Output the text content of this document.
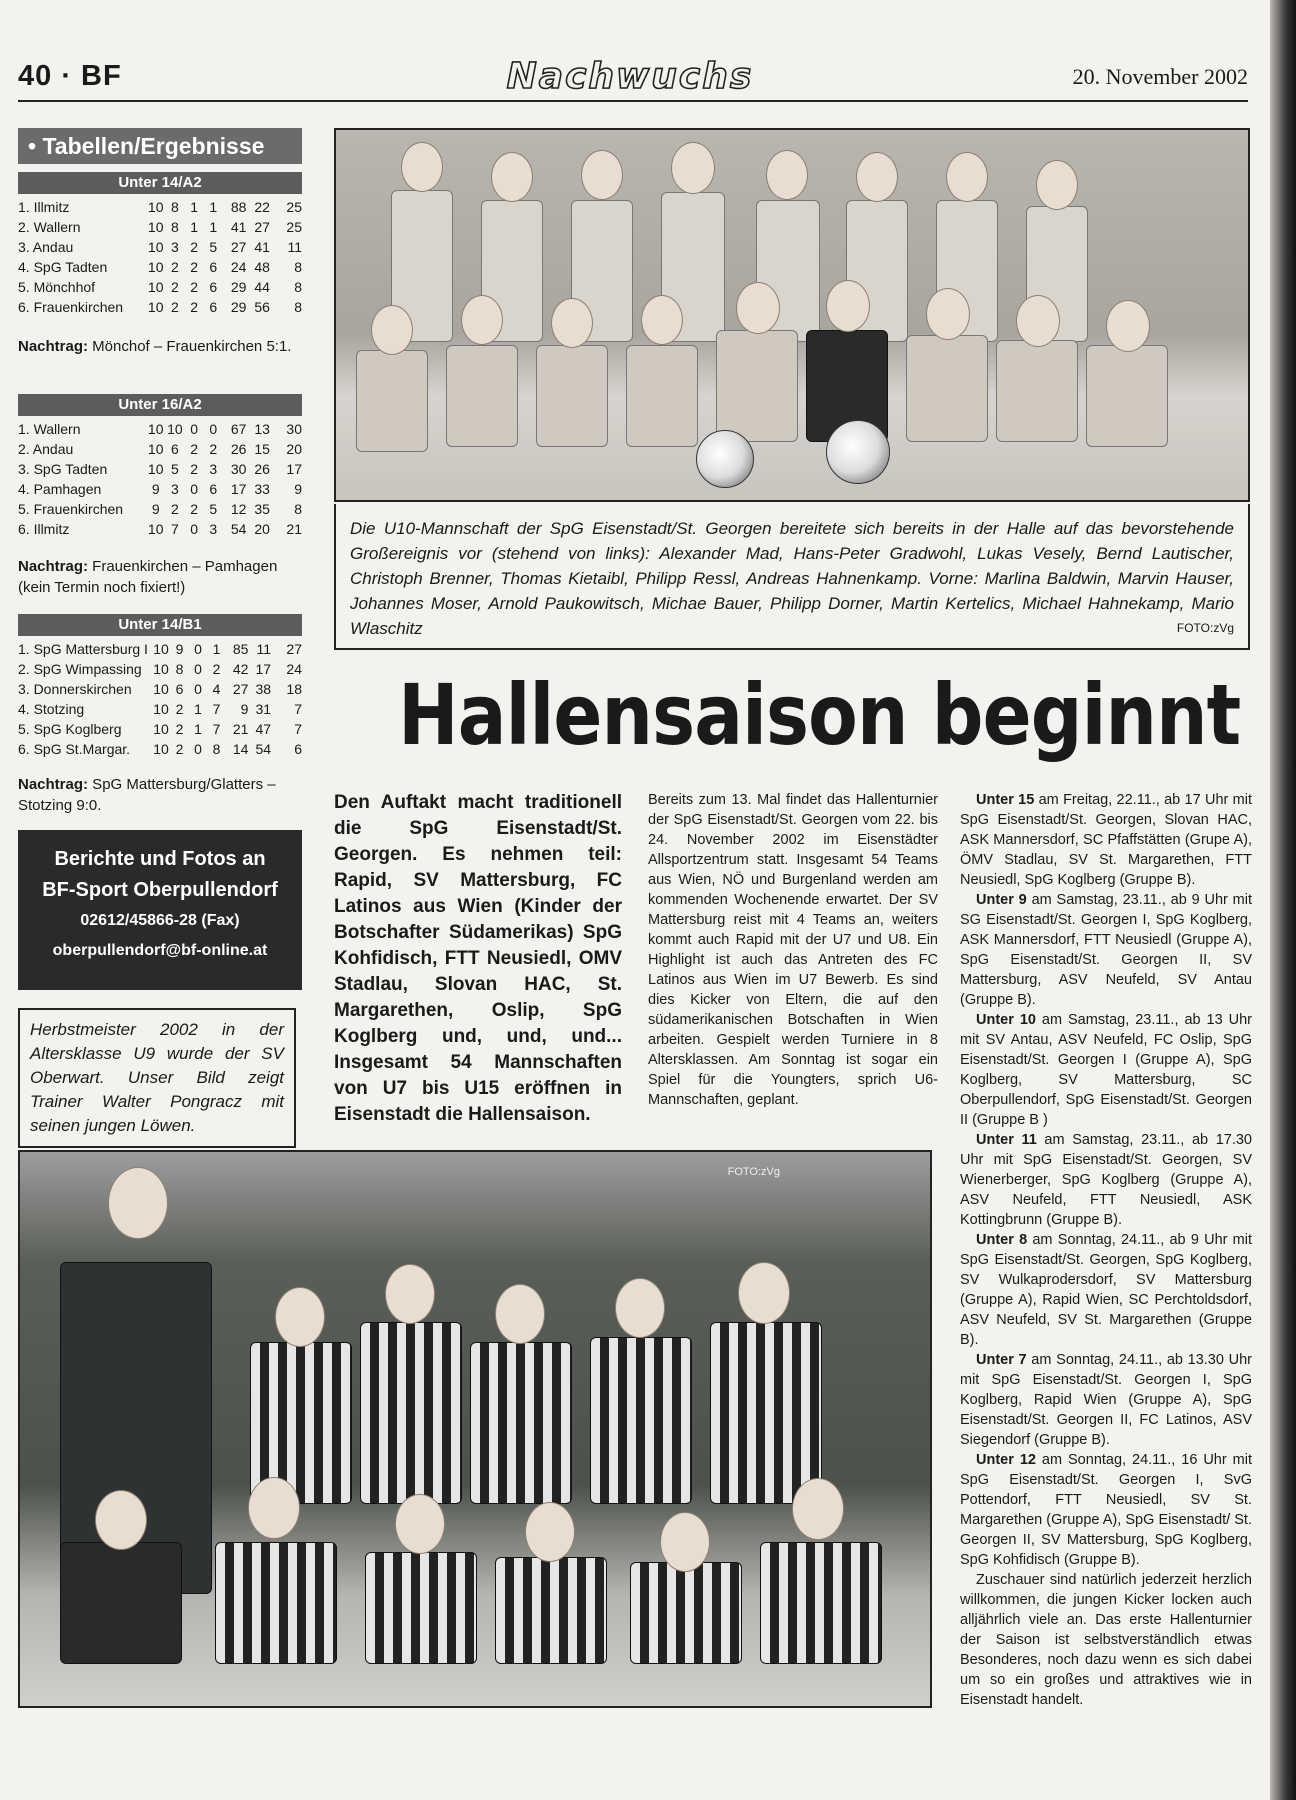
40 · BF	Nachwuchs	20. November 2002
• Tabellen/Ergebnisse
Unter 14/A2
1. Illmitz	10	8	1	1	88	22	25
2. Wallern	10	8	1	1	41	27	25
3. Andau	10	3	2	5	27	41	11
4. SpG Tadten	10	2	2	6	24	48	8
5. Mönchhof	10	2	2	6	29	44	8
6. Frauenkirchen	10	2	2	6	29	56	8
Nachtrag: Mönchof – Frauenkirchen 5:1.
Unter 16/A2
1. Wallern	10	10	0	0	67	13	30
2. Andau	10	6	2	2	26	15	20
3. SpG Tadten	10	5	2	3	30	26	17
4. Pamhagen	9	3	0	6	17	33	9
5. Frauenkirchen	9	2	2	5	12	35	8
6. Illmitz	10	7	0	3	54	20	21
Nachtrag: Frauenkirchen – Pamhagen (kein Termin noch fixiert!)
Unter 14/B1
1. SpG Mattersburg I	10	9	0	1	85	11	27
2. SpG Wimpassing	10	8	0	2	42	17	24
3. Donnerskirchen	10	6	0	4	27	38	18
4. Stotzing	10	2	1	7	9	31	7
5. SpG Koglberg	10	2	1	7	21	47	7
6. SpG St.Margar.	10	2	0	8	14	54	6
Nachtrag: SpG Mattersburg/Glatters – Stotzing 9:0.
Berichte und Fotos an
BF-Sport Oberpullendorf
02612/45866-28 (Fax)
oberpullendorf@bf-online.at
Herbstmeister 2002 in der Altersklasse U9 wurde der SV Oberwart. Unser Bild zeigt Trainer Walter Pongracz mit seinen jungen Löwen.
Die U10-Mannschaft der SpG Eisenstadt/St. Georgen bereitete sich bereits in der Halle auf das bevorstehende Großereignis vor (stehend von links): Alexander Mad, Hans-Peter Gradwohl, Lukas Vesely, Bernd Lautischer, Christoph Brenner, Thomas Kietaibl, Philipp Ressl, Andreas Hahnenkamp. Vorne: Marlina Baldwin, Marvin Hauser, Johannes Moser, Arnold Paukowitsch, Michae Bauer, Philipp Dorner, Martin Kertelics, Michael Hahnekamp, Mario Wlaschitz	FOTO:zVg
Hallensaison beginnt
Den Auftakt macht traditionell die SpG Eisenstadt/St. Georgen. Es nehmen teil: Rapid, SV Mattersburg, FC Latinos aus Wien (Kinder der Botschafter Südamerikas) SpG Kohfidisch, FTT Neusiedl, OMV Stadlau, Slovan HAC, St. Margarethen, Oslip, SpG Koglberg und, und, und... Insgesamt 54 Mannschaften von U7 bis U15 eröffnen in Eisenstadt die Hallensaison.

Bereits zum 13. Mal findet das Hallenturnier der SpG Eisenstadt/St. Georgen vom 22. bis 24. November 2002 im Eisenstädter Allsportzentrum statt. Insgesamt 54 Teams aus Wien, NÖ und Burgenland werden am kommenden Wochenende erwartet. Der SV Mattersburg reist mit 4 Teams an, weiters kommt auch Rapid mit der U7 und U8. Ein Highlight ist auch das Antreten des FC Latinos aus Wien im U7 Bewerb. Es sind dies Kicker von Eltern, die auf den südamerikanischen Botschaften in Wien arbeiten. Gespielt werden Turniere in 8 Altersklassen. Am Sonntag ist sogar ein Spiel für die Youngters, sprich U6-Mannschaften, geplant.

Unter 15 am Freitag, 22.11., ab 17 Uhr mit SpG Eisenstadt/St. Georgen, Slovan HAC, ASK Mannersdorf, SC Pfaffstätten (Grupe A), ÖMV Stadlau, SV St. Margarethen, FTT Neusiedl, SpG Koglberg (Gruppe B).

Unter 9 am Samstag, 23.11., ab 9 Uhr mit SG Eisenstadt/St. Georgen I, SpG Koglberg, ASK Mannersdorf, FTT Neusiedl (Gruppe A), SpG Eisenstadt/St. Georgen II, SV Mattersburg, ASV Neufeld, SV Antau (Gruppe B).

Unter 10 am Samstag, 23.11., ab 13 Uhr mit SV Antau, ASV Neufeld, FC Oslip, SpG Eisenstadt/St. Georgen I (Gruppe A), SpG Koglberg, SV Mattersburg, SC Oberpullendorf, SpG Eisenstadt/St. Georgen II (Gruppe B )

Unter 11 am Samstag, 23.11., ab 17.30 Uhr mit SpG Eisenstadt/St. Georgen, SV Wienerberger, SpG Koglberg (Gruppe A), ASV Neufeld, FTT Neusiedl, ASK Kottingbrunn (Gruppe B).

Unter 8 am Sonntag, 24.11., ab 9 Uhr mit SpG Eisenstadt/St. Georgen, SpG Koglberg, SV Wulkaprodersdorf, SV Mattersburg (Gruppe A), Rapid Wien, SC Perchtoldsdorf, ASV Neufeld, SV St. Margarethen (Gruppe B).

Unter 7 am Sonntag, 24.11., ab 13.30 Uhr mit SpG Eisenstadt/St. Georgen I, SpG Koglberg, Rapid Wien (Gruppe A), SpG Eisenstadt/St. Georgen II, FC Latinos, ASV Siegendorf (Gruppe B).

Unter 12 am Sonntag, 24.11., 16 Uhr mit SpG Eisenstadt/St. Georgen I, SvG Pottendorf, FTT Neusiedl, SV St. Margarethen (Gruppe A), SpG Eisenstadt/ St. Georgen II, SV Mattersburg, SpG Koglberg, SpG Kohfidisch (Gruppe B).

Zuschauer sind natürlich jederzeit herzlich willkommen, die jungen Kicker locken auch alljährlich viele an. Das erste Hallenturnier der Saison ist selbstverständlich etwas Besonderes, noch dazu wenn es sich dabei um so ein großes und attraktives wie in Eisenstadt handelt.

FOTO:zVg
